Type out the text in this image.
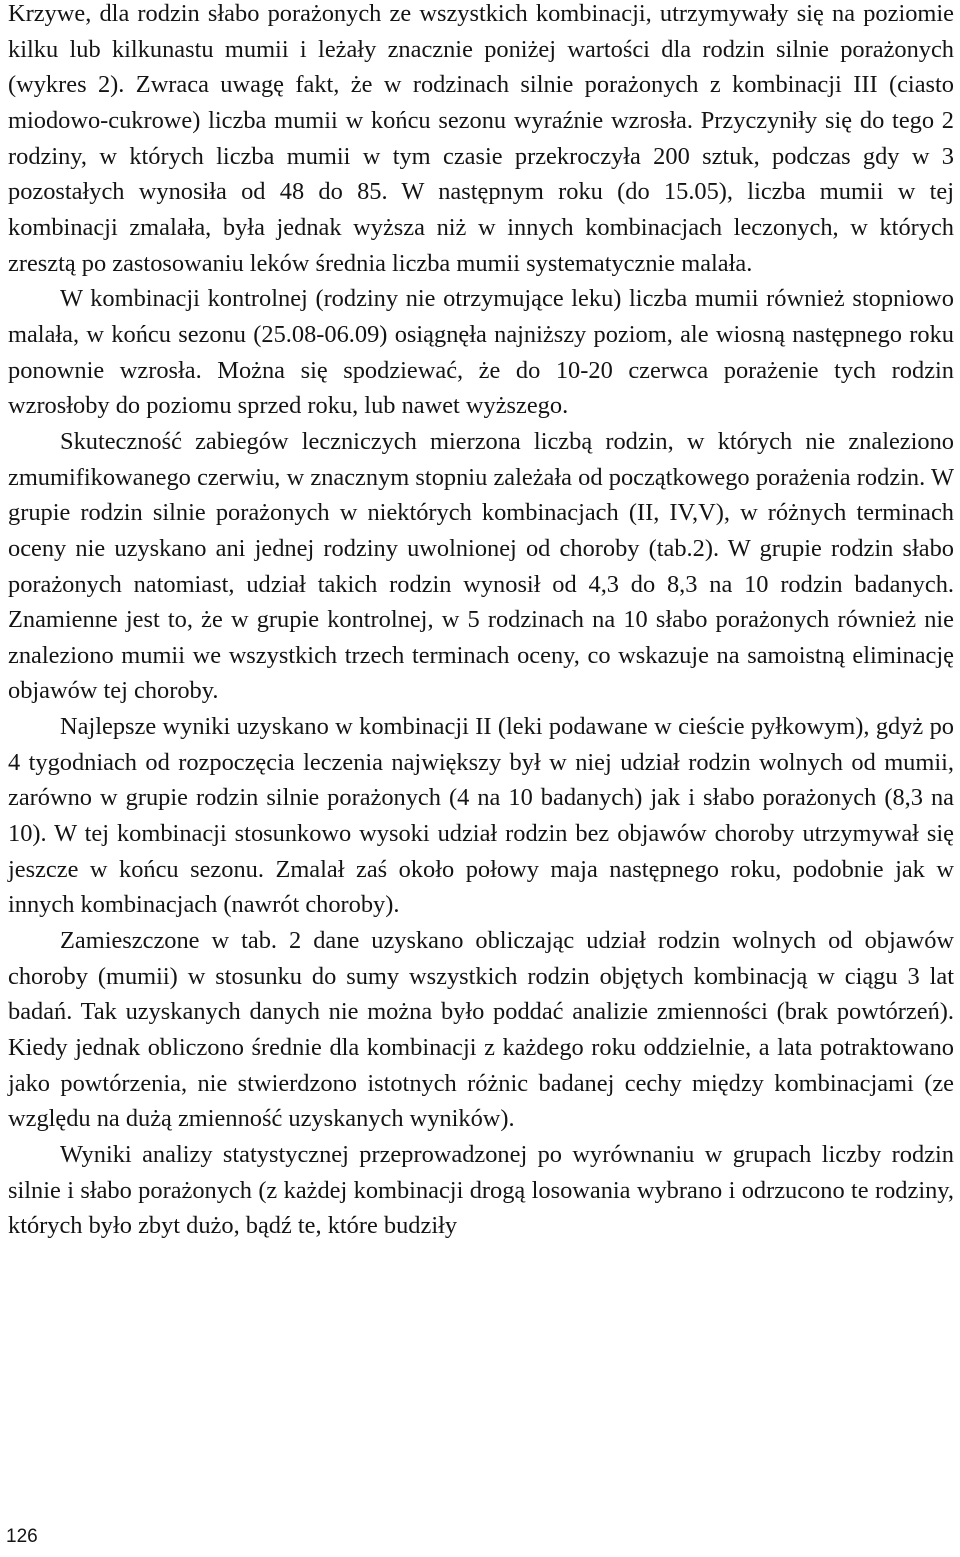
Krzywe, dla rodzin słabo porażonych ze wszystkich kombinacji, utrzymywały się na poziomie kilku lub kilkunastu mumii i leżały znacznie poniżej wartości dla rodzin silnie porażonych (wykres 2). Zwraca uwagę fakt, że w rodzinach silnie porażonych z kombinacji III (ciasto miodowo-cukrowe) liczba mumii w końcu sezonu wyraźnie wzrosła. Przyczyniły się do tego 2 rodziny, w których liczba mumii w tym czasie przekroczyła 200 sztuk, podczas gdy w 3 pozostałych wynosiła od 48 do 85. W następnym roku (do 15.05), liczba mumii w tej kombinacji zmalała, była jednak wyższa niż w innych kombinacjach leczonych, w których zresztą po zastosowaniu leków średnia liczba mumii systematycznie malała.

W kombinacji kontrolnej (rodziny nie otrzymujące leku) liczba mumii również stopniowo malała, w końcu sezonu (25.08-06.09) osiągnęła najniższy poziom, ale wiosną następnego roku ponownie wzrosła. Można się spodziewać, że do 10-20 czerwca porażenie tych rodzin wzrosłoby do poziomu sprzed roku, lub nawet wyższego.

Skuteczność zabiegów leczniczych mierzona liczbą rodzin, w których nie znaleziono zmumifikowanego czerwiu, w znacznym stopniu zależała od początkowego porażenia rodzin. W grupie rodzin silnie porażonych w niektórych kombinacjach (II, IV,V), w różnych terminach oceny nie uzyskano ani jednej rodziny uwolnionej od choroby (tab.2). W grupie rodzin słabo porażonych natomiast, udział takich rodzin wynosił od 4,3 do 8,3 na 10 rodzin badanych. Znamienne jest to, że w grupie kontrolnej, w 5 rodzinach na 10 słabo porażonych również nie znaleziono mumii we wszystkich trzech terminach oceny, co wskazuje na samoistną eliminację objawów tej choroby.

Najlepsze wyniki uzyskano w kombinacji II (leki podawane w cieście pyłkowym), gdyż po 4 tygodniach od rozpoczęcia leczenia największy był w niej udział rodzin wolnych od mumii, zarówno w grupie rodzin silnie porażonych (4 na 10 badanych) jak i słabo porażonych (8,3 na 10). W tej kombinacji stosunkowo wysoki udział rodzin bez objawów choroby utrzymywał się jeszcze w końcu sezonu. Zmalał zaś około połowy maja następnego roku, podobnie jak w innych kombinacjach (nawrót choroby).

Zamieszczone w tab. 2 dane uzyskano obliczając udział rodzin wolnych od objawów choroby (mumii) w stosunku do sumy wszystkich rodzin objętych kombinacją w ciągu 3 lat badań. Tak uzyskanych danych nie można było poddać analizie zmienności (brak powtórzeń). Kiedy jednak obliczono średnie dla kombinacji z każdego roku oddzielnie, a lata potraktowano jako powtórzenia, nie stwierdzono istotnych różnic badanej cechy między kombinacjami (ze względu na dużą zmienność uzyskanych wyników).

Wyniki analizy statystycznej przeprowadzonej po wyrównaniu w grupach liczby rodzin silnie i słabo porażonych (z każdej kombinacji drogą losowania wybrano i odrzucono te rodziny, których było zbyt dużo, bądź te, które budziły

126
